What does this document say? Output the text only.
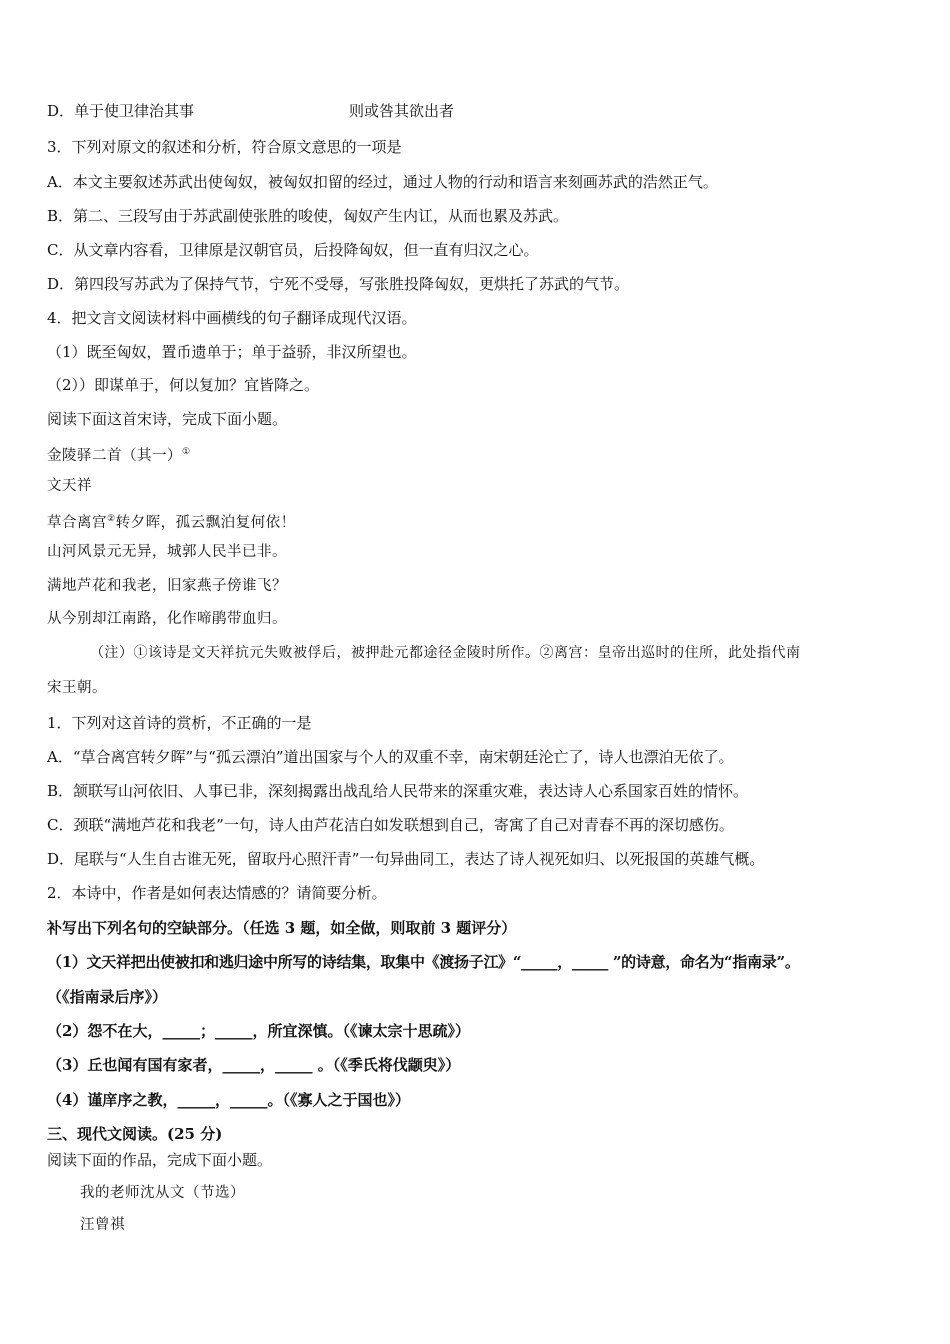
D．单于使卫律治其事	则或咎其欲出者
3．下列对原文的叙述和分析，符合原文意思的一项是
A．本文主要叙述苏武出使匈奴，被匈奴扣留的经过，通过人物的行动和语言来刻画苏武的浩然正气。
B．第二、三段写由于苏武副使张胜的唆使，匈奴产生内讧，从而也累及苏武。
C．从文章内容看，卫律原是汉朝官员，后投降匈奴，但一直有归汉之心。
D．第四段写苏武为了保持气节，宁死不受辱，写张胜投降匈奴，更烘托了苏武的气节。
4．把文言文阅读材料中画横线的句子翻译成现代汉语。
（1）既至匈奴，置币遗单于；单于益骄，非汉所望也。
（2））即谋单于，何以复加？宜皆降之。
阅读下面这首宋诗，完成下面小题。
金陵驿二首（其一）①
文天祥
草合离宫②转夕晖，孤云飘泊复何依！
山河风景元无异，城郭人民半已非。
满地芦花和我老，旧家燕子傍谁飞？
从今别却江南路，化作啼鹃带血归。
（注）①该诗是文天祥抗元失败被俘后，被押赴元都途径金陵时所作。②离宫：皇帝出巡时的住所，此处指代南
宋王朝。
1．下列对这首诗的赏析，不正确的一是
A．“草合离宫转夕晖”与“孤云漂泊”道出国家与个人的双重不幸，南宋朝廷沦亡了，诗人也漂泊无依了。
B．颔联写山河依旧、人事已非，深刻揭露出战乱给人民带来的深重灾难，表达诗人心系国家百姓的情怀。
C．颈联“满地芦花和我老”一句，诗人由芦花洁白如发联想到自己，寄寓了自己对青春不再的深切感伤。
D．尾联与“人生自古谁无死，留取丹心照汗青”一句异曲同工，表达了诗人视死如归、以死报国的英雄气概。
2．本诗中，作者是如何表达情感的？请简要分析。
补写出下列名句的空缺部分。（任选 3 题，如全做，则取前 3 题评分）
（1）文天祥把出使被扣和逃归途中所写的诗结集，取集中《渡扬子江》“_____，_____ ”的诗意，命名为“指南录”。
（《指南录后序》）
（2）怨不在大，_____；_____，所宜深慎。（《谏太宗十思疏》）
（3）丘也闻有国有家者，_____，_____ 。（《季氏将伐颛臾》）
（4）谨庠序之教，_____，_____。（《寡人之于国也》）
三、现代文阅读。(25 分)
阅读下面的作品，完成下面小题。
我的老师沈从文（节选）
汪曾祺
